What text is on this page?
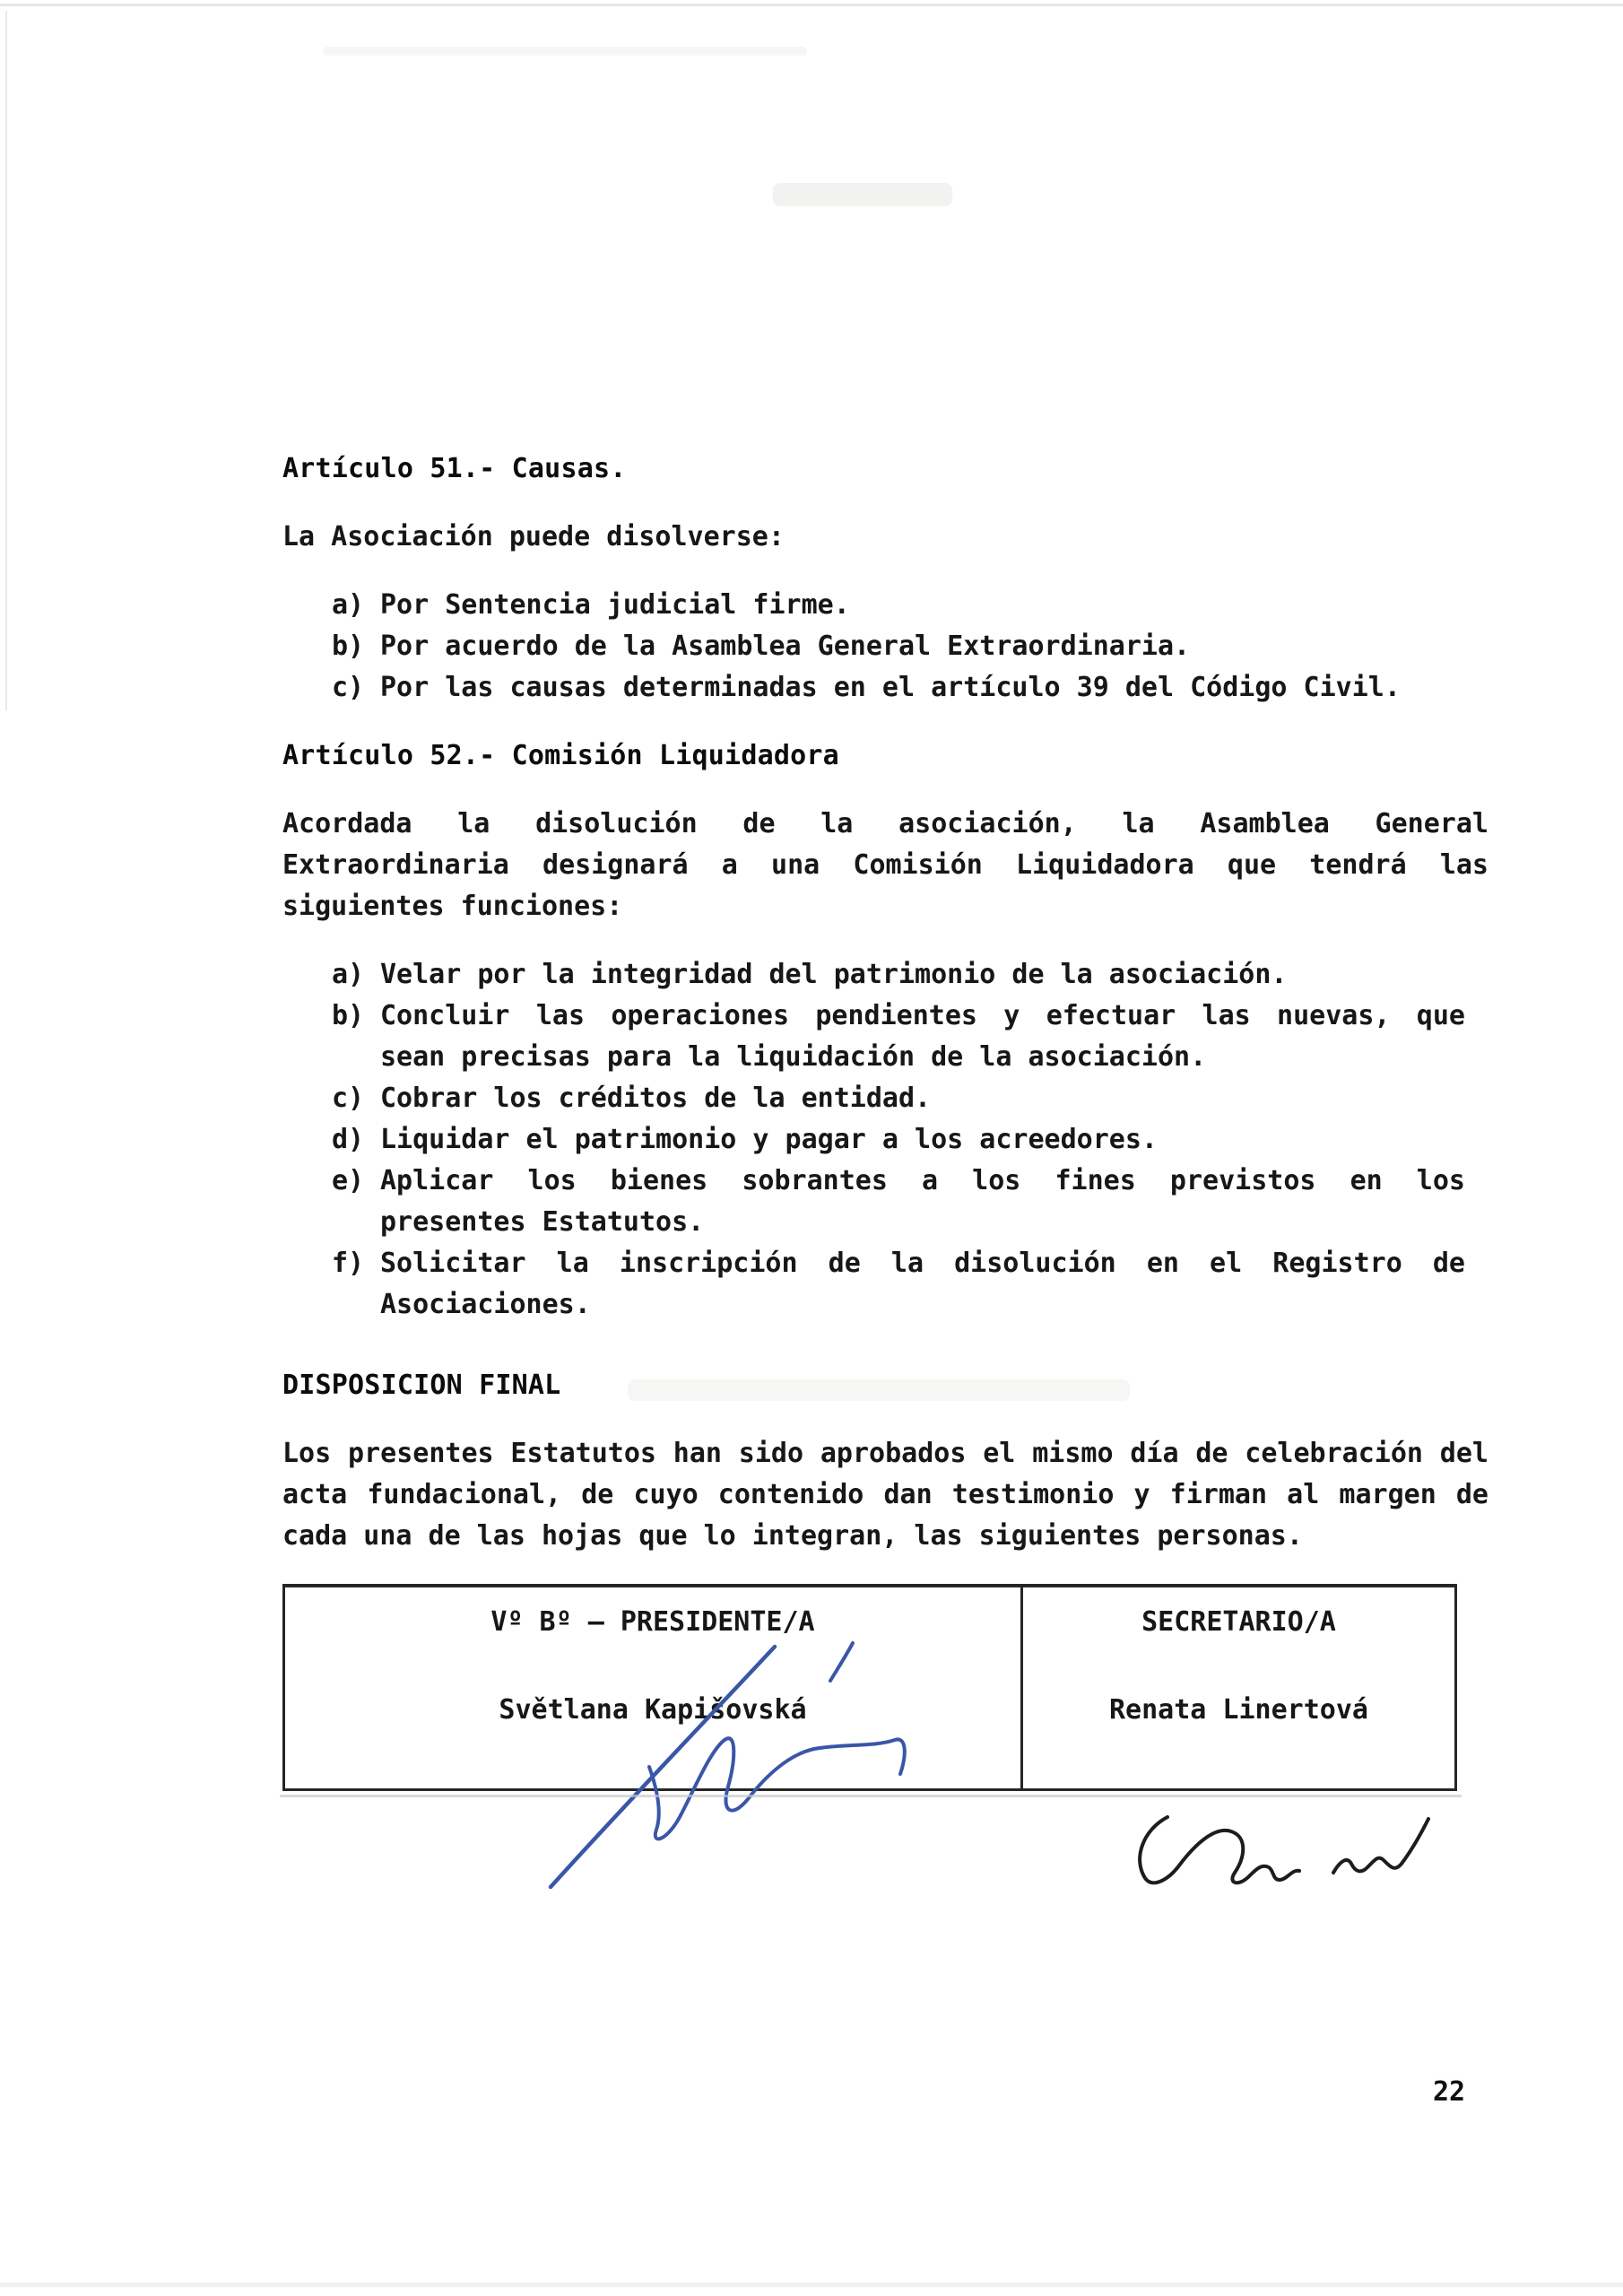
Artículo 51.- Causas.
La Asociación puede disolverse:
a) Por Sentencia judicial firme.
b) Por acuerdo de la Asamblea General Extraordinaria.
c) Por las causas determinadas en el artículo 39 del Código Civil.
Artículo 52.- Comisión Liquidadora
Acordada la disolución de la asociación, la Asamblea General Extraordinaria designará a una Comisión Liquidadora que tendrá las siguientes funciones:
a) Velar por la integridad del patrimonio de la asociación.
b) Concluir las operaciones pendientes y efectuar las nuevas, que sean precisas para la liquidación de la asociación.
c) Cobrar los créditos de la entidad.
d) Liquidar el patrimonio y pagar a los acreedores.
e) Aplicar los bienes sobrantes a los fines previstos en los presentes Estatutos.
f) Solicitar la inscripción de la disolución en el Registro de Asociaciones.
DISPOSICION FINAL
Los presentes Estatutos han sido aprobados el mismo día de celebración del acta fundacional, de cuyo contenido dan testimonio y firman al margen de cada una de las hojas que lo integran, las siguientes personas.
Vº Bº – PRESIDENTE/A
Světlana Kapišovská
SECRETARIO/A
Renata Linertová
22
